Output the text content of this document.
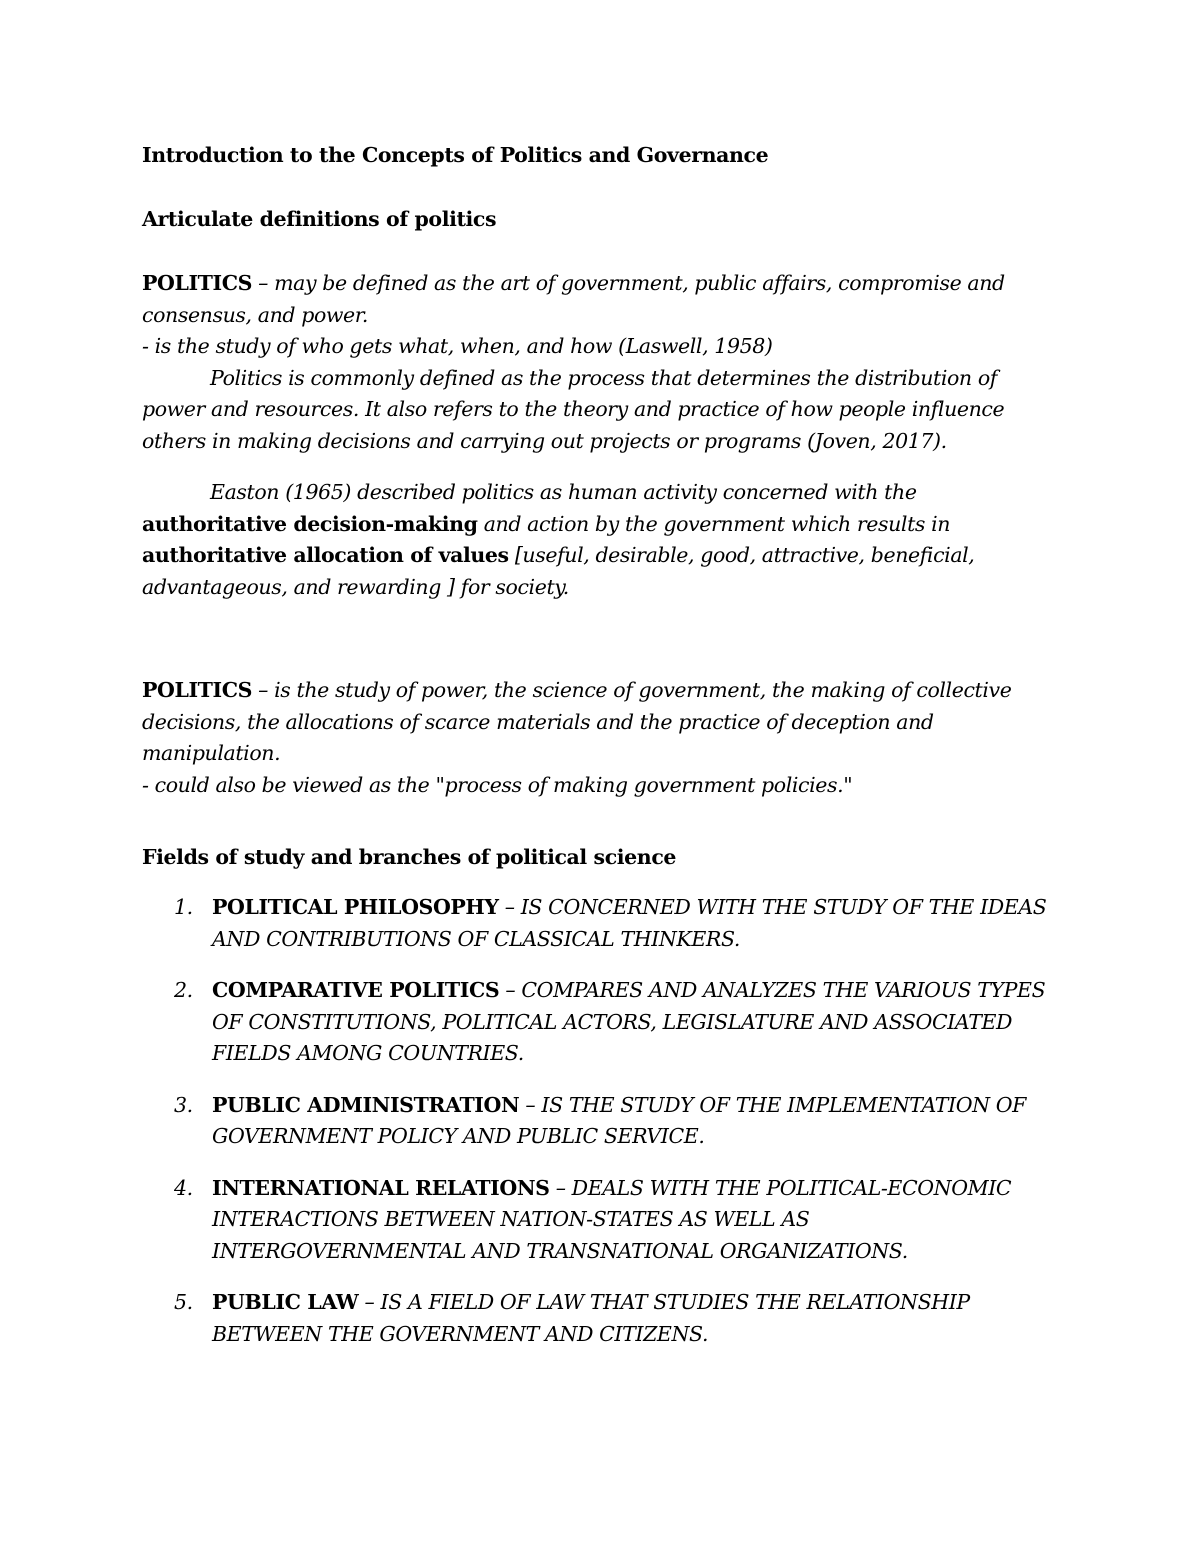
Introduction to the Concepts of Politics and Governance

Articulate definitions of politics

POLITICS – may be defined as the art of government, public affairs, compromise and consensus, and power.

- is the study of who gets what, when, and how (Laswell, 1958)

Politics is commonly defined as the process that determines the distribution of power and resources. It also refers to the theory and practice of how people influence others in making decisions and carrying out projects or programs (Joven, 2017).

Easton (1965) described politics as human activity concerned with the authoritative decision-making and action by the government which results in authoritative allocation of values [useful, desirable, good, attractive, beneficial, advantageous, and rewarding ] for society.

POLITICS – is the study of power, the science of government, the making of collective decisions, the allocations of scarce materials and the practice of deception and manipulation.

- could also be viewed as the "process of making government policies."

Fields of study and branches of political science

1. POLITICAL PHILOSOPHY – IS CONCERNED WITH THE STUDY OF THE IDEAS AND CONTRIBUTIONS OF CLASSICAL THINKERS.
2. COMPARATIVE POLITICS – COMPARES AND ANALYZES THE VARIOUS TYPES OF CONSTITUTIONS, POLITICAL ACTORS, LEGISLATURE AND ASSOCIATED FIELDS AMONG COUNTRIES.
3. PUBLIC ADMINISTRATION – IS THE STUDY OF THE IMPLEMENTATION OF GOVERNMENT POLICY AND PUBLIC SERVICE.
4. INTERNATIONAL RELATIONS – DEALS WITH THE POLITICAL-ECONOMIC INTERACTIONS BETWEEN NATION-STATES AS WELL AS INTERGOVERNMENTAL AND TRANSNATIONAL ORGANIZATIONS.
5. PUBLIC LAW – IS A FIELD OF LAW THAT STUDIES THE RELATIONSHIP BETWEEN THE GOVERNMENT AND CITIZENS.
